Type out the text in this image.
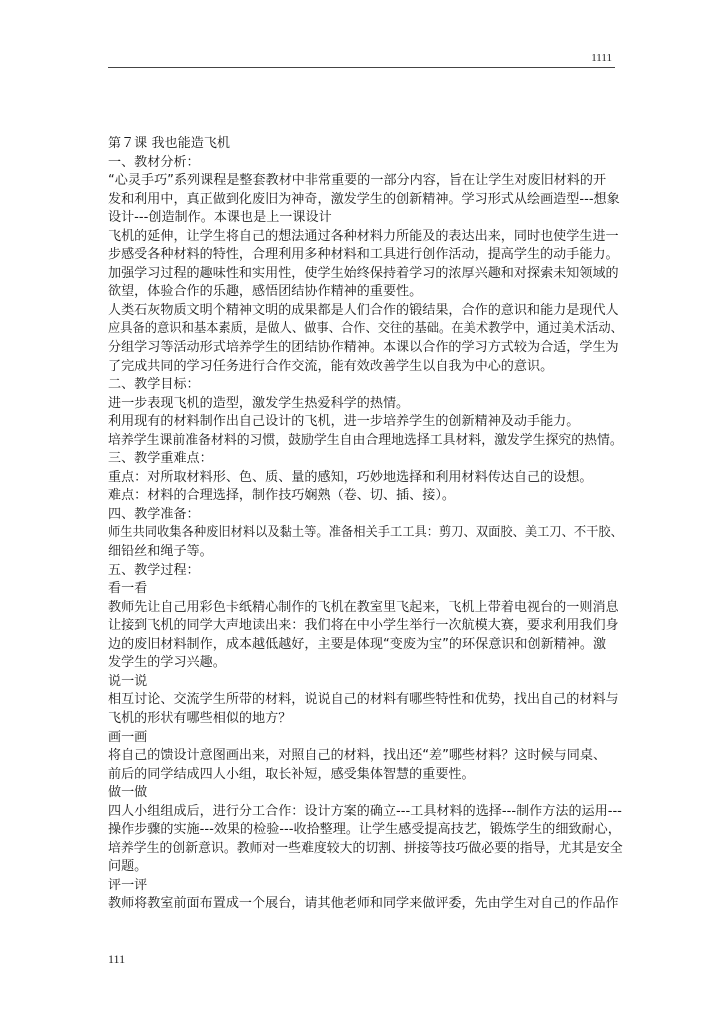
1111
第７课 我也能造飞机
一、教材分析：
“心灵手巧”系列课程是整套教材中非常重要的一部分内容，旨在让学生对废旧材料的开
发和利用中，真正做到化废旧为神奇，激发学生的创新精神。学习形式从绘画造型---想象
设计---创造制作。本课也是上一课设计
飞机的延伸，让学生将自己的想法通过各种材料力所能及的表达出来，同时也使学生进一
步感受各种材料的特性，合理利用多种材料和工具进行创作活动，提高学生的动手能力。
加强学习过程的趣味性和实用性，使学生始终保持着学习的浓厚兴趣和对探索未知领域的
欲望，体验合作的乐趣，感悟团结协作精神的重要性。
人类石灰物质文明个精神文明的成果都是人们合作的锻结果，合作的意识和能力是现代人
应具备的意识和基本素质，是做人、做事、合作、交往的基础。在美术教学中，通过美术活动、
分组学习等活动形式培养学生的团结协作精神。本课以合作的学习方式较为合适，学生为
了完成共同的学习任务进行合作交流，能有效改善学生以自我为中心的意识。
二、教学目标：
进一步表现飞机的造型，激发学生热爱科学的热情。
利用现有的材料制作出自己设计的飞机，进一步培养学生的创新精神及动手能力。
培养学生课前准备材料的习惯，鼓励学生自由合理地选择工具材料，激发学生探究的热情。
三、教学重难点：
重点：对所取材料形、色、质、量的感知，巧妙地选择和利用材料传达自己的设想。
难点：材料的合理选择，制作技巧娴熟（卷、切、插、接）。
四、教学准备：
师生共同收集各种废旧材料以及黏土等。准备相关手工工具：剪刀、双面胶、美工刀、不干胶、
细铅丝和绳子等。
五、教学过程：
看一看
教师先让自己用彩色卡纸精心制作的飞机在教室里飞起来，飞机上带着电视台的一则消息
让接到飞机的同学大声地读出来：我们将在中小学生举行一次航模大赛，要求利用我们身
边的废旧材料制作，成本越低越好，主要是体现“变废为宝”的环保意识和创新精神。激
发学生的学习兴趣。
说一说
相互讨论、交流学生所带的材料，说说自己的材料有哪些特性和优势，找出自己的材料与
飞机的形状有哪些相似的地方？
画一画
将自己的馈设计意图画出来，对照自己的材料，找出还“差”哪些材料？这时候与同桌、
前后的同学结成四人小组，取长补短，感受集体智慧的重要性。
做一做
四人小组组成后，进行分工合作：设计方案的确立---工具材料的选择---制作方法的运用---
操作步骤的实施---效果的检验---收拾整理。让学生感受提高技艺，锻炼学生的细致耐心，
培养学生的创新意识。教师对一些难度较大的切割、拼接等技巧做必要的指导，尤其是安全
问题。
评一评
教师将教室前面布置成一个展台，请其他老师和同学来做评委，先由学生对自己的作品作
111
